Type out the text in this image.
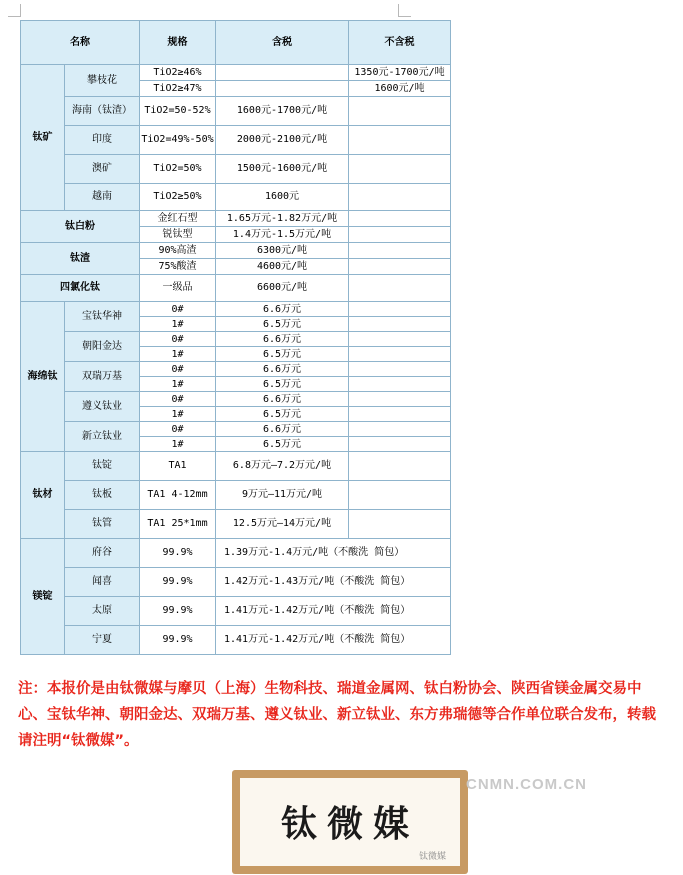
名称		规格	含税	不含税
钛矿	攀枝花	TiO2≥46%		1350元-1700元/吨
		TiO2≥47%		1600元/吨
	海南（钛渣）	TiO2=50-52%	1600元-1700元/吨	
	印度	TiO2=49%-50%	2000元-2100元/吨	
	澳矿	TiO2=50%	1500元-1600元/吨	
	越南	TiO2≥50%	1600元	

钛白粉		金红石型	1.65万元-1.82万元/吨	
		锐钛型	1.4万元-1.5万元/吨	
钛渣		90%高渣	6300元/吨	
		75%酸渣	4600元/吨	
四氯化钛		一级品	6600元/吨	
海绵钛	宝钛华神	0#	6.6万元	
		1#	6.5万元	
	朝阳金达	0#	6.6万元	
		1#	6.5万元	
	双瑞万基	0#	6.6万元	
		1#	6.5万元	
	遵义钛业	0#	6.6万元	
		1#	6.5万元	
	新立钛业	0#	6.6万元	
		1#	6.5万元	
钛材	钛锭	TA1	6.8万元—7.2万元/吨	
	钛板	TA1 4-12mm	9万元—11万元/吨	
	钛管	TA1 25*1mm	12.5万元—14万元/吨	
镁锭	府谷	99.9%	1.39万元-1.4万元/吨（不酸洗 简包）	
	闻喜	99.9%	1.42万元-1.43万元/吨（不酸洗 简包）	
	太原	99.9%	1.41万元-1.42万元/吨（不酸洗 简包）	
	宁夏	99.9%	1.41万元-1.42万元/吨（不酸洗 简包）	
注：本报价是由钛微媒与摩贝（上海）生物科技、瑞道金属网、钛白粉协会、陕西省镁金属交易中心、宝钛华神、朝阳金达、双瑞万基、遵义钛业、新立钛业、东方弗瑞德等合作单位联合发布，转载请注明“钛微媒”。
钛微媒
钛微媒
CNMN.COM.CN
